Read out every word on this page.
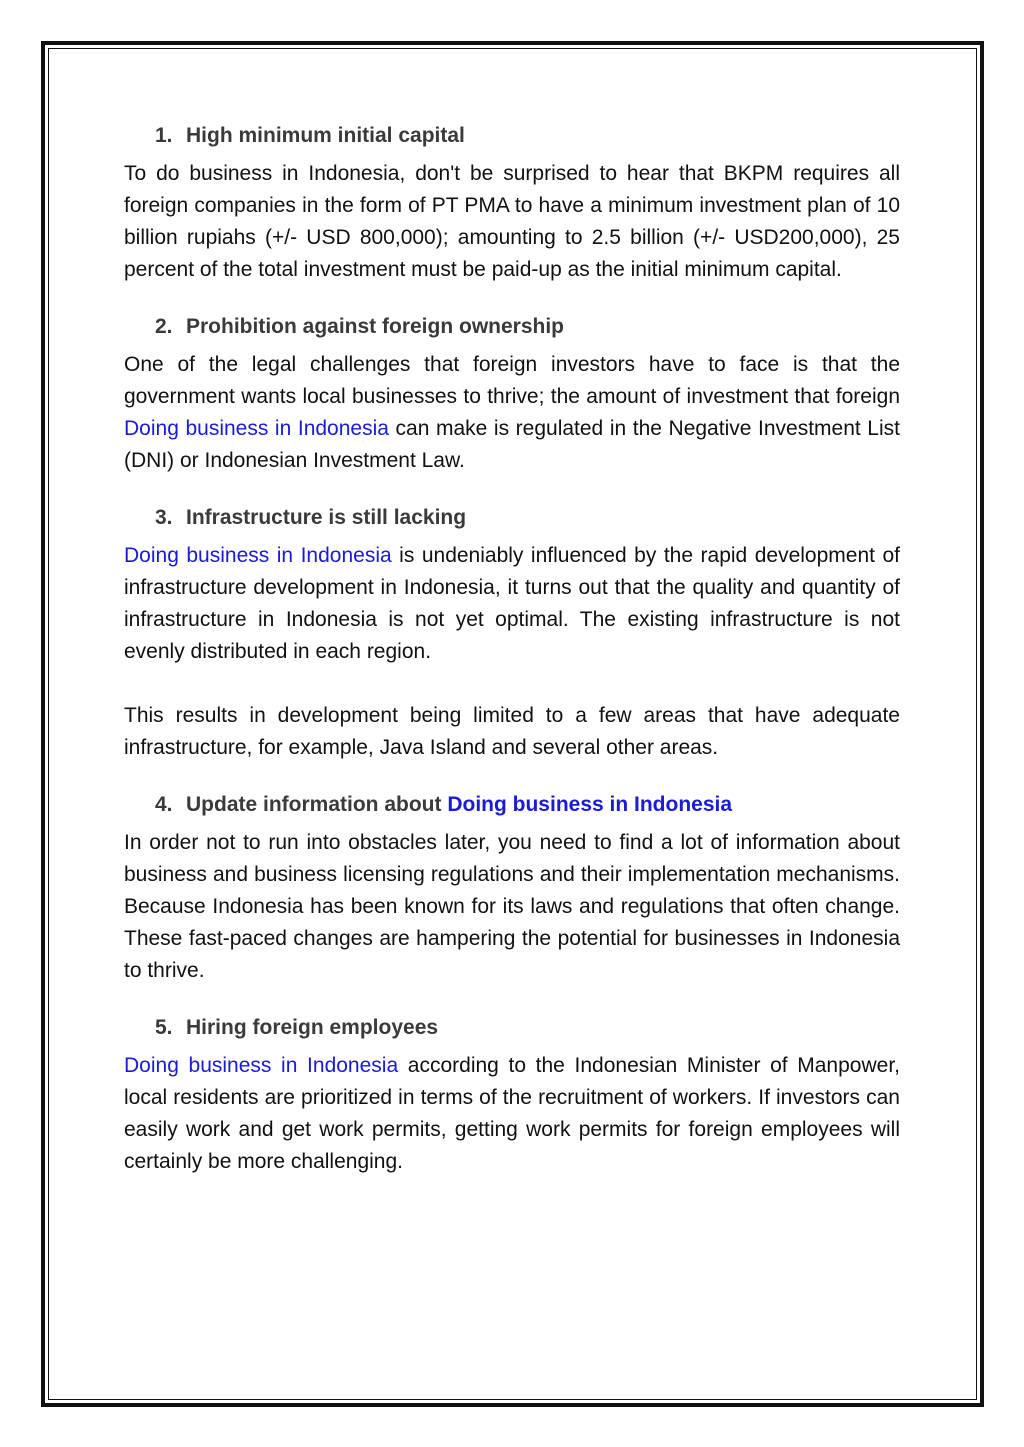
1. High minimum initial capital

To do business in Indonesia, don't be surprised to hear that BKPM requires all foreign companies in the form of PT PMA to have a minimum investment plan of 10 billion rupiahs (+/- USD 800,000); amounting to 2.5 billion (+/- USD200,000), 25 percent of the total investment must be paid-up as the initial minimum capital.

2. Prohibition against foreign ownership

One of the legal challenges that foreign investors have to face is that the government wants local businesses to thrive; the amount of investment that foreign Doing business in Indonesia can make is regulated in the Negative Investment List (DNI) or Indonesian Investment Law.

3. Infrastructure is still lacking

Doing business in Indonesia is undeniably influenced by the rapid development of infrastructure development in Indonesia, it turns out that the quality and quantity of infrastructure in Indonesia is not yet optimal. The existing infrastructure is not evenly distributed in each region.

This results in development being limited to a few areas that have adequate infrastructure, for example, Java Island and several other areas.

4. Update information about Doing business in Indonesia

In order not to run into obstacles later, you need to find a lot of information about business and business licensing regulations and their implementation mechanisms. Because Indonesia has been known for its laws and regulations that often change. These fast-paced changes are hampering the potential for businesses in Indonesia to thrive.

5. Hiring foreign employees

Doing business in Indonesia according to the Indonesian Minister of Manpower, local residents are prioritized in terms of the recruitment of workers. If investors can easily work and get work permits, getting work permits for foreign employees will certainly be more challenging.
